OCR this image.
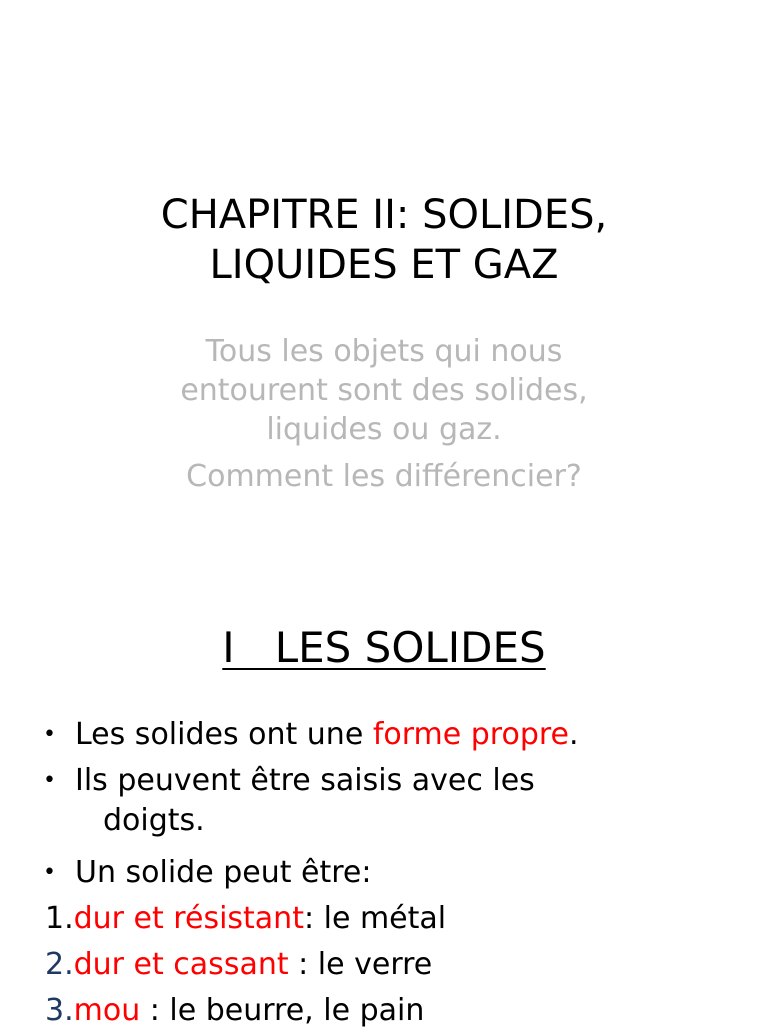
CHAPITRE II: SOLIDES,
LIQUIDES ET GAZ
Tous les objets qui nous
entourent sont des solides,
liquides ou gaz.
Comment les différencier?
I   LES SOLIDES
• Les solides ont une forme propre.
• Ils peuvent être saisis avec les
doigts.
• Un solide peut être:
1.dur et résistant: le métal
2.dur et cassant : le verre
3.mou : le beurre, le pain
